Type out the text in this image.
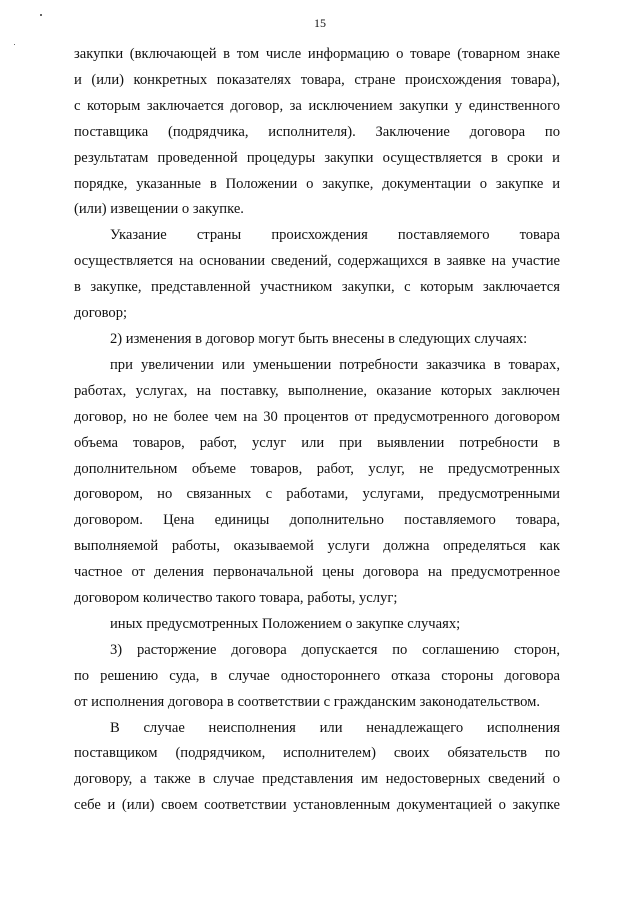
15
закупки (включающей в том числе информацию о товаре (товарном знаке
и (или) конкретных показателях товара, стране происхождения товара),
с которым заключается договор, за исключением закупки у единственного
поставщика (подрядчика, исполнителя). Заключение договора по
результатам проведенной процедуры закупки осуществляется в сроки и
порядке, указанные в Положении о закупке, документации о закупке и
(или) извещении о закупке.
Указание страны происхождения поставляемого товара
осуществляется на основании сведений, содержащихся в заявке на участие
в закупке, представленной участником закупки, с которым заключается
договор;
2) изменения в договор могут быть внесены в следующих случаях:
при увеличении или уменьшении потребности заказчика в товарах,
работах, услугах, на поставку, выполнение, оказание которых заключен
договор, но не более чем на 30 процентов от предусмотренного договором
объема товаров, работ, услуг или при выявлении потребности в
дополнительном объеме товаров, работ, услуг, не предусмотренных
договором, но связанных с работами, услугами, предусмотренными
договором. Цена единицы дополнительно поставляемого товара,
выполняемой работы, оказываемой услуги должна определяться как
частное от деления первоначальной цены договора на предусмотренное
договором количество такого товара, работы, услуг;
иных предусмотренных Положением о закупке случаях;
3) расторжение договора допускается по соглашению сторон,
по решению суда, в случае одностороннего отказа стороны договора
от исполнения договора в соответствии с гражданским законодательством.
В случае неисполнения или ненадлежащего исполнения
поставщиком (подрядчиком, исполнителем) своих обязательств по
договору, а также в случае представления им недостоверных сведений о
себе и (или) своем соответствии установленным документацией о закупке
